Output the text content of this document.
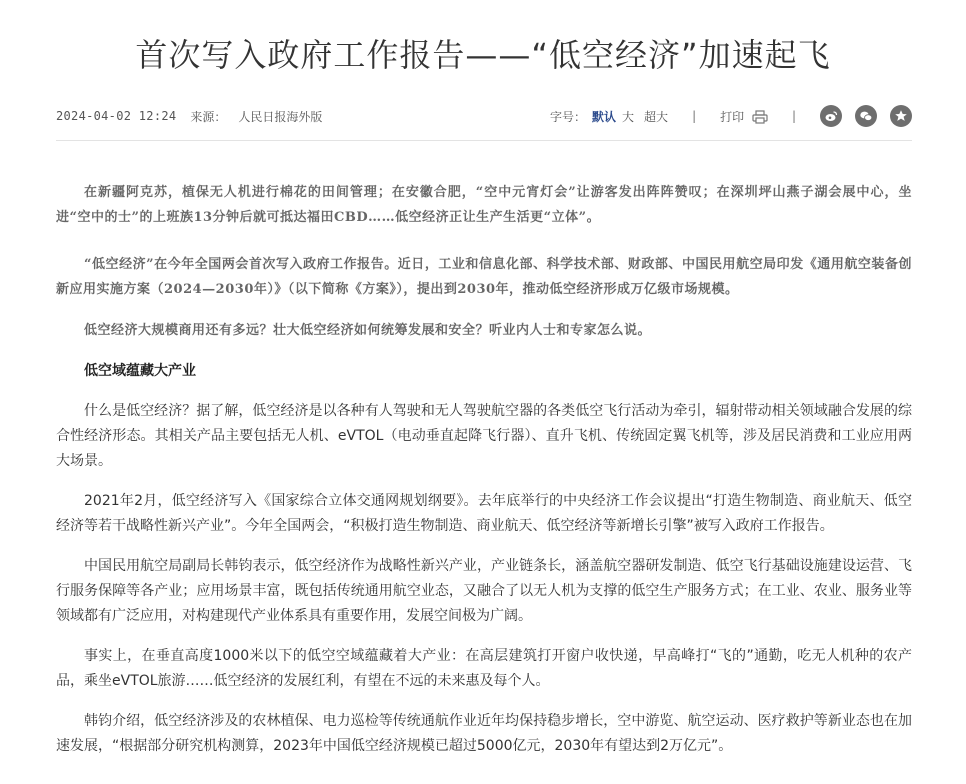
首次写入政府工作报告——“低空经济”加速起飞
2024-04-02 12:24 来源： 人民日报海外版	字号： 默认 大 超大 | 打印	|

在新疆阿克苏，植保无人机进行棉花的田间管理；在安徽合肥，“空中元宵灯会”让游客发出阵阵赞叹；在深圳坪山燕子湖会展中心，坐进“空中的士”的上班族13分钟后就可抵达福田CBD……低空经济正让生产生活更“立体”。

“低空经济”在今年全国两会首次写入政府工作报告。近日，工业和信息化部、科学技术部、财政部、中国民用航空局印发《通用航空装备创新应用实施方案（2024—2030年）》（以下简称《方案》），提出到2030年，推动低空经济形成万亿级市场规模。

低空经济大规模商用还有多远？壮大低空经济如何统筹发展和安全？听业内人士和专家怎么说。

低空域蕴藏大产业

什么是低空经济？据了解，低空经济是以各种有人驾驶和无人驾驶航空器的各类低空飞行活动为牵引，辐射带动相关领域融合发展的综合性经济形态。其相关产品主要包括无人机、eVTOL（电动垂直起降飞行器）、直升飞机、传统固定翼飞机等，涉及居民消费和工业应用两大场景。

2021年2月，低空经济写入《国家综合立体交通网规划纲要》。去年底举行的中央经济工作会议提出“打造生物制造、商业航天、低空经济等若干战略性新兴产业”。今年全国两会，“积极打造生物制造、商业航天、低空经济等新增长引擎”被写入政府工作报告。

中国民用航空局副局长韩钧表示，低空经济作为战略性新兴产业，产业链条长，涵盖航空器研发制造、低空飞行基础设施建设运营、飞行服务保障等各产业；应用场景丰富，既包括传统通用航空业态，又融合了以无人机为支撑的低空生产服务方式；在工业、农业、服务业等领域都有广泛应用，对构建现代产业体系具有重要作用，发展空间极为广阔。

事实上，在垂直高度1000米以下的低空空域蕴藏着大产业：在高层建筑打开窗户收快递，早高峰打“飞的”通勤，吃无人机种的农产品，乘坐eVTOL旅游……低空经济的发展红利，有望在不远的未来惠及每个人。

韩钧介绍，低空经济涉及的农林植保、电力巡检等传统通航作业近年均保持稳步增长，空中游览、航空运动、医疗救护等新业态也在加速发展，“根据部分研究机构测算，2023年中国低空经济规模已超过5000亿元，2030年有望达到2万亿元”。
